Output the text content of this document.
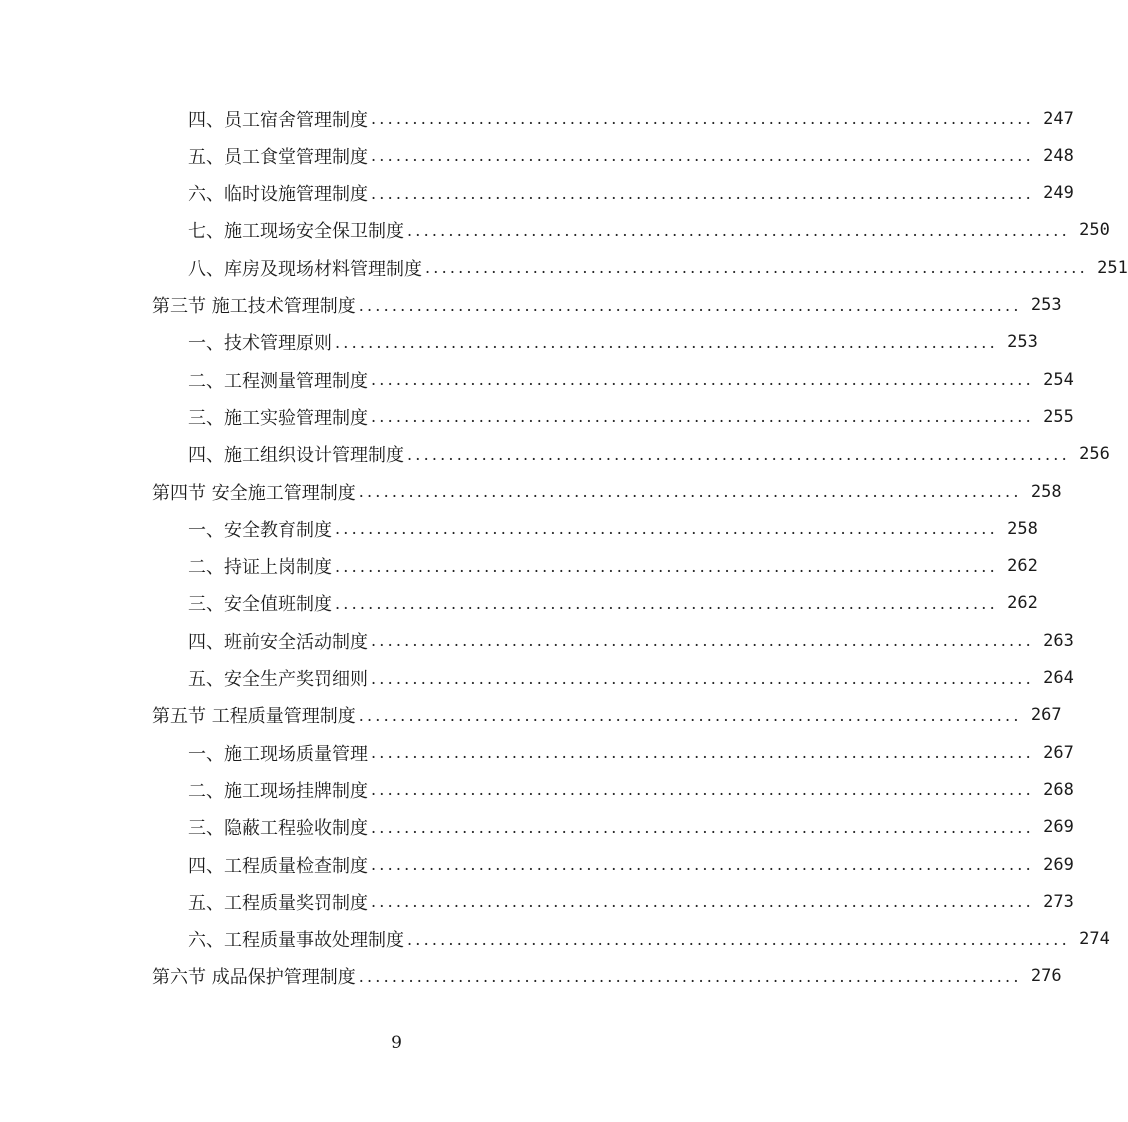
四、员工宿舍管理制度 ................................................................................ 247
五、员工食堂管理制度 ................................................................................ 248
六、临时设施管理制度 ................................................................................ 249
七、施工现场安全保卫制度 ................................................................................ 250
八、库房及现场材料管理制度 ................................................................................ 251
第三节 施工技术管理制度 ................................................................................ 253
一、技术管理原则 ................................................................................ 253
二、工程测量管理制度 ................................................................................ 254
三、施工实验管理制度 ................................................................................ 255
四、施工组织设计管理制度 ................................................................................ 256
第四节 安全施工管理制度 ................................................................................ 258
一、安全教育制度 ................................................................................ 258
二、持证上岗制度 ................................................................................ 262
三、安全值班制度 ................................................................................ 262
四、班前安全活动制度 ................................................................................ 263
五、安全生产奖罚细则 ................................................................................ 264
第五节 工程质量管理制度 ................................................................................ 267
一、施工现场质量管理 ................................................................................ 267
二、施工现场挂牌制度 ................................................................................ 268
三、隐蔽工程验收制度 ................................................................................ 269
四、工程质量检查制度 ................................................................................ 269
五、工程质量奖罚制度 ................................................................................ 273
六、工程质量事故处理制度 ................................................................................ 274
第六节 成品保护管理制度 ................................................................................ 276
9
